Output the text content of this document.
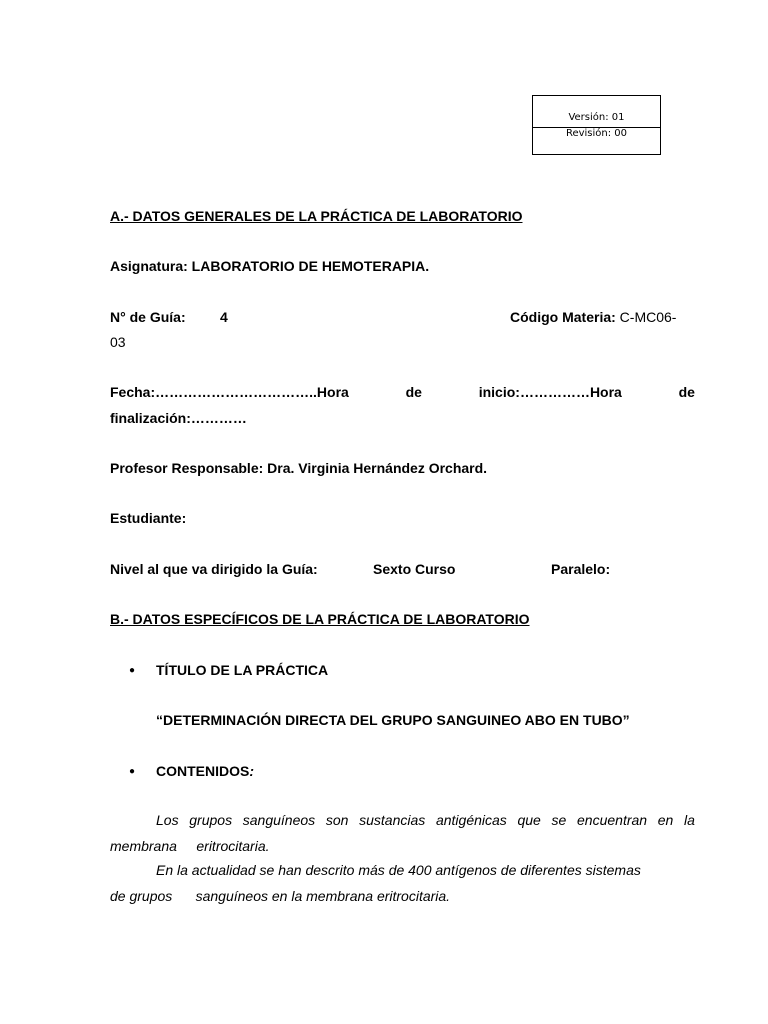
Versión: 01
Revisión: 00
A.- DATOS GENERALES DE LA PRÁCTICA DE LABORATORIO
Asignatura: LABORATORIO DE HEMOTERAPIA.
N° de Guía: 4	Código Materia: C-MC06-
03
Fecha:……………………………..Hora	de	inicio:……………Hora	de
finalización:…………
Profesor Responsable: Dra. Virginia Hernández Orchard.
Estudiante:
Nivel al que va dirigido la Guía:	Sexto Curso	Paralelo:
B.- DATOS ESPECÍFICOS DE LA PRÁCTICA DE LABORATORIO
● TÍTULO DE LA PRÁCTICA
“DETERMINACIÓN DIRECTA DEL GRUPO SANGUINEO ABO EN TUBO”
● CONTENIDOS:
Los grupos sanguíneos son sustancias antigénicas que se encuentran en la
membrana     eritrocitaria.
En la actualidad se han descrito más de 400 antígenos de diferentes sistemas
de grupos      sanguíneos en la membrana eritrocitaria.
